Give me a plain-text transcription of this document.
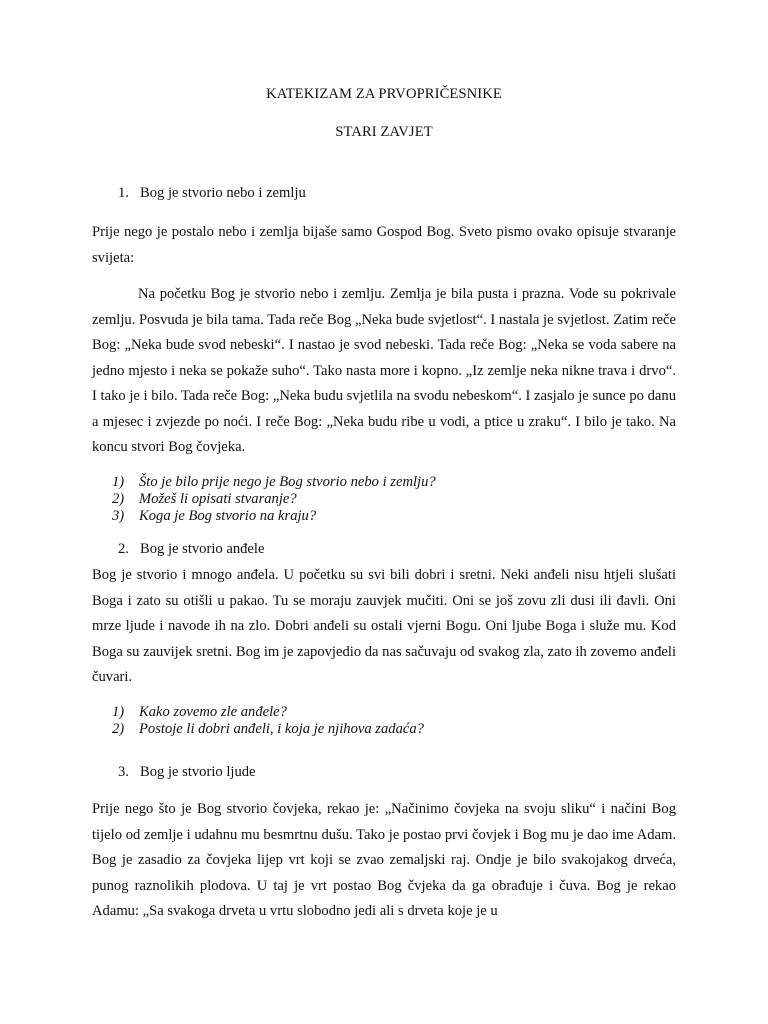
KATEKIZAM ZA PRVOPRIČESNIKE
STARI ZAVJET
1. Bog je stvorio nebo i zemlju
Prije nego je postalo nebo i zemlja bijaše samo Gospod Bog. Sveto pismo ovako opisuje stvaranje svijeta:
Na početku Bog je stvorio nebo i zemlju. Zemlja je bila pusta i prazna. Vode su pokrivale zemlju. Posvuda je bila tama. Tada reče Bog „Neka bude svjetlost“. I nastala je svjetlost. Zatim reče Bog: „Neka bude svod nebeski“. I nastao je svod nebeski. Tada reče Bog: „Neka se voda sabere na jedno mjesto i neka se pokaže suho“. Tako nasta more i kopno. „Iz zemlje neka nikne trava i drvo“. I tako je i bilo. Tada reče Bog: „Neka budu svjetlila na svodu nebeskom“. I zasjalo je sunce po danu a mjesec i zvjezde po noći. I reče Bog: „Neka budu ribe u vodi, a ptice u zraku“. I bilo je tako. Na koncu stvori Bog čovjeka.
1) Što je bilo prije nego je Bog stvorio nebo i zemlju?
2) Možeš li opisati stvaranje?
3) Koga je Bog stvorio na kraju?
2. Bog je stvorio anđele
Bog je stvorio i mnogo anđela. U početku su svi bili dobri i sretni. Neki anđeli nisu htjeli slušati Boga i zato su otišli u pakao. Tu se moraju zauvjek mučiti. Oni se još zovu zli dusi ili đavli. Oni mrze ljude i navode ih na zlo. Dobri anđeli su ostali vjerni Bogu. Oni ljube Boga i služe mu. Kod Boga su zauvijek sretni. Bog im je zapovjedio da nas sačuvaju od svakog zla, zato ih zovemo anđeli čuvari.
1) Kako zovemo zle anđele?
2) Postoje li dobri anđeli, i koja je njihova zadaća?
3. Bog je stvorio ljude
Prije nego što je Bog stvorio čovjeka, rekao je: „Načinimo čovjeka na svoju sliku“ i načini Bog tijelo od zemlje i udahnu mu besmrtnu dušu. Tako je postao prvi čovjek i Bog mu je dao ime Adam. Bog je zasadio za čovjeka lijep vrt koji se zvao zemaljski raj. Ondje je bilo svakojakog drveća, punog raznolikih plodova. U taj je vrt postao Bog čvjeka da ga obrađuje i čuva. Bog je rekao Adamu: „Sa svakoga drveta u vrtu slobodno jedi ali s drveta koje je u
